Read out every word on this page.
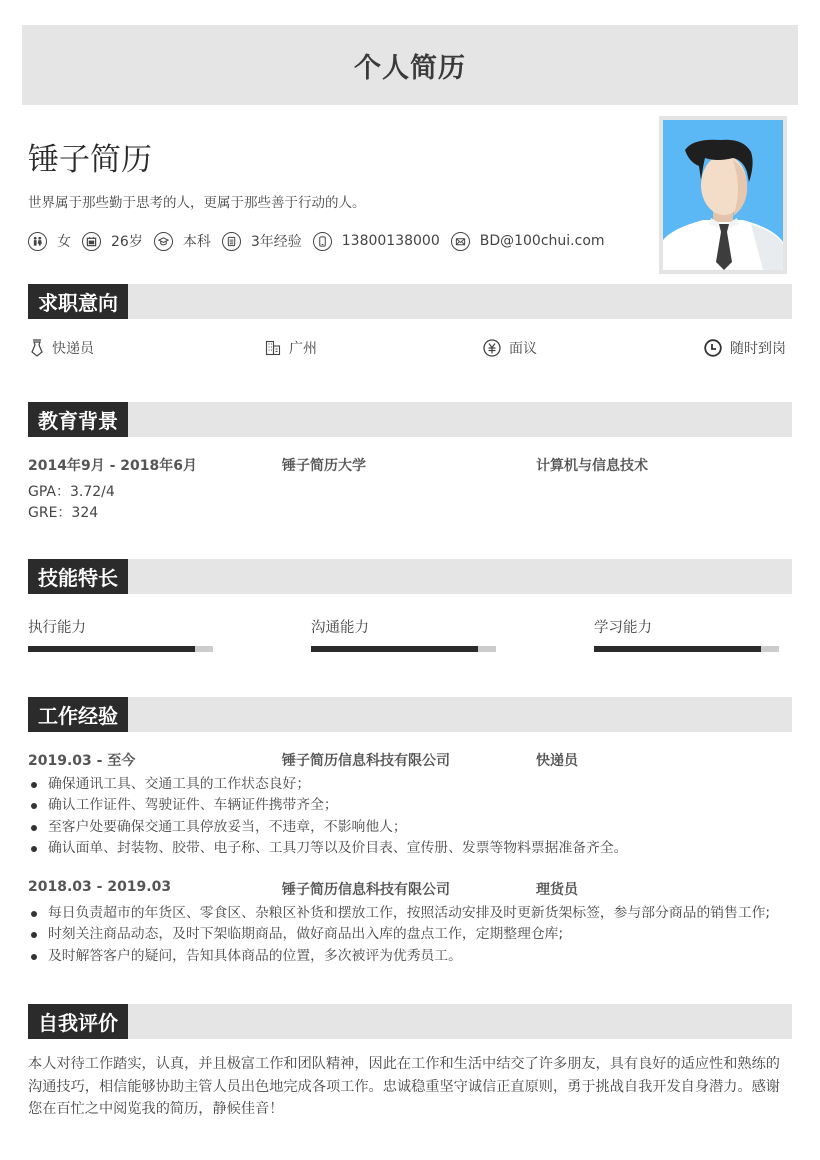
个人简历
锤子简历
世界属于那些勤于思考的人，更属于那些善于行动的人。
女	26岁	本科	3年经验	13800138000	BD@100chui.com
求职意向
快递员	广州	面议	随时到岗
教育背景
2014年9月 - 2018年6月	锤子简历大学	计算机与信息技术
GPA：3.72/4
GRE：324
技能特长
执行能力	沟通能力	学习能力
工作经验
2019.03 - 至今	锤子简历信息科技有限公司	快递员
确保通讯工具、交通工具的工作状态良好；
确认工作证件、驾驶证件、车辆证件携带齐全；
至客户处要确保交通工具停放妥当，不违章，不影响他人；
确认面单、封装物、胶带、电子称、工具刀等以及价目表、宣传册、发票等物料票据准备齐全。
2018.03 - 2019.03	锤子简历信息科技有限公司	理货员
每日负责超市的年货区、零食区、杂粮区补货和摆放工作，按照活动安排及时更新货架标签，参与部分商品的销售工作;
时刻关注商品动态，及时下架临期商品，做好商品出入库的盘点工作，定期整理仓库;
及时解答客户的疑问，告知具体商品的位置，多次被评为优秀员工。
自我评价
本人对待工作踏实，认真，并且极富工作和团队精神，因此在工作和生活中结交了许多朋友，具有良好的适应性和熟练的沟通技巧，相信能够协助主管人员出色地完成各项工作。忠诚稳重坚守诚信正直原则，勇于挑战自我开发自身潜力。感谢您在百忙之中阅览我的简历，静候佳音！
